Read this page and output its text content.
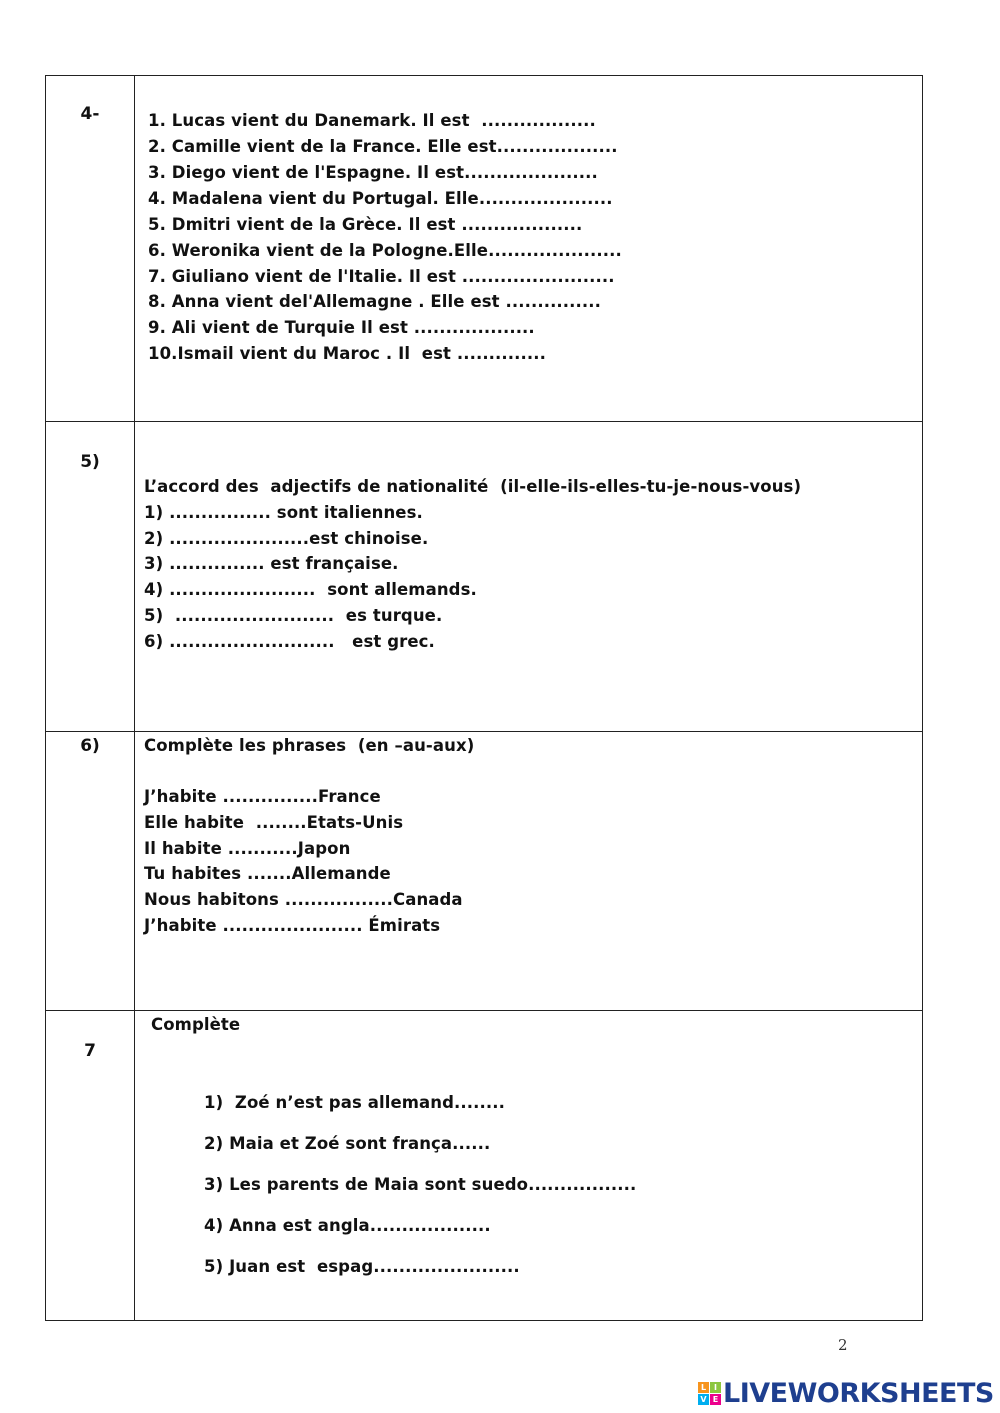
4-	1. Lucas vient du Danemark. Il est  ..................
2. Camille vient de la France. Elle est...................
3. Diego vient de l'Espagne. Il est.....................
4. Madalena vient du Portugal. Elle.....................
5. Dmitri vient de la Grèce. Il est ...................
6. Weronika vient de la Pologne.Elle.....................
7. Giuliano vient de l'Italie. Il est ........................
8. Anna vient del'Allemagne . Elle est ...............
9. Ali vient de Turquie Il est ...................
10.Ismail vient du Maroc . Il  est ..............
5)
L’accord des  adjectifs de nationalité  (il-elle-ils-elles-tu-je-nous-vous)
1) ................ sont italiennes.
2) ......................est chinoise.
3) ............... est française.
4) .......................  sont allemands.
5)  .........................  es turque.
6) ..........................   est grec.
6)	Complète les phrases  (en –au-aux)
J’habite ...............France
Elle habite  ........Etats-Unis
Il habite ...........Japon
Tu habites .......Allemande
Nous habitons .................Canada
J’habite ...................... Émirats
7
Complète
1)  Zoé n’est pas allemand........
2) Maia et Zoé sont frança......
3) Les parents de Maia sont suedo.................
4) Anna est angla...................
5) Juan est  espag.......................
2
L I
V E LIVEWORKSHEETS
